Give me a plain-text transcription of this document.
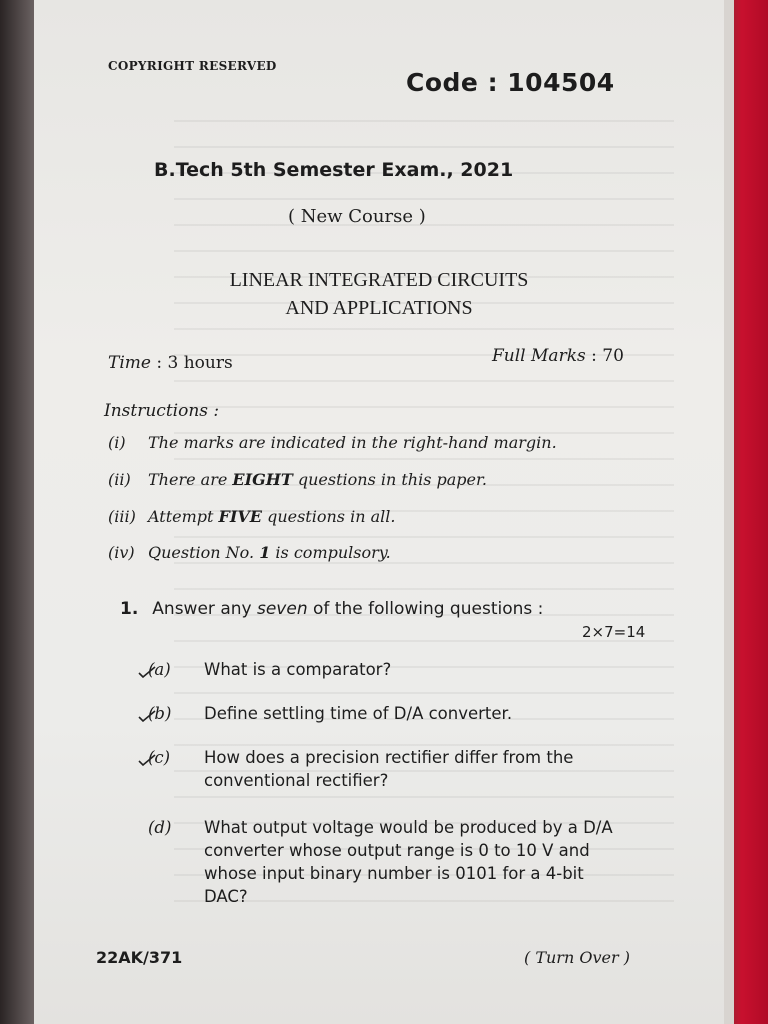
COPYRIGHT RESERVED
Code : 104504
B.Tech 5th Semester Exam., 2021
( New Course )
LINEAR INTEGRATED CIRCUITS
AND APPLICATIONS
Time : 3 hours	Full Marks : 70
Instructions :
(i) The marks are indicated in the right-hand margin.
(ii) There are EIGHT questions in this paper.
(iii) Attempt FIVE questions in all.
(iv) Question No. 1 is compulsory.
1. Answer any seven of the following questions :
2×7=14
(a) What is a comparator?
(b) Define settling time of D/A converter.
(c) How does a precision rectifier differ from the conventional rectifier?
(d) What output voltage would be produced by a D/A converter whose output range is 0 to 10 V and whose input binary number is 0101 for a 4-bit DAC?
22AK/371	( Turn Over )
